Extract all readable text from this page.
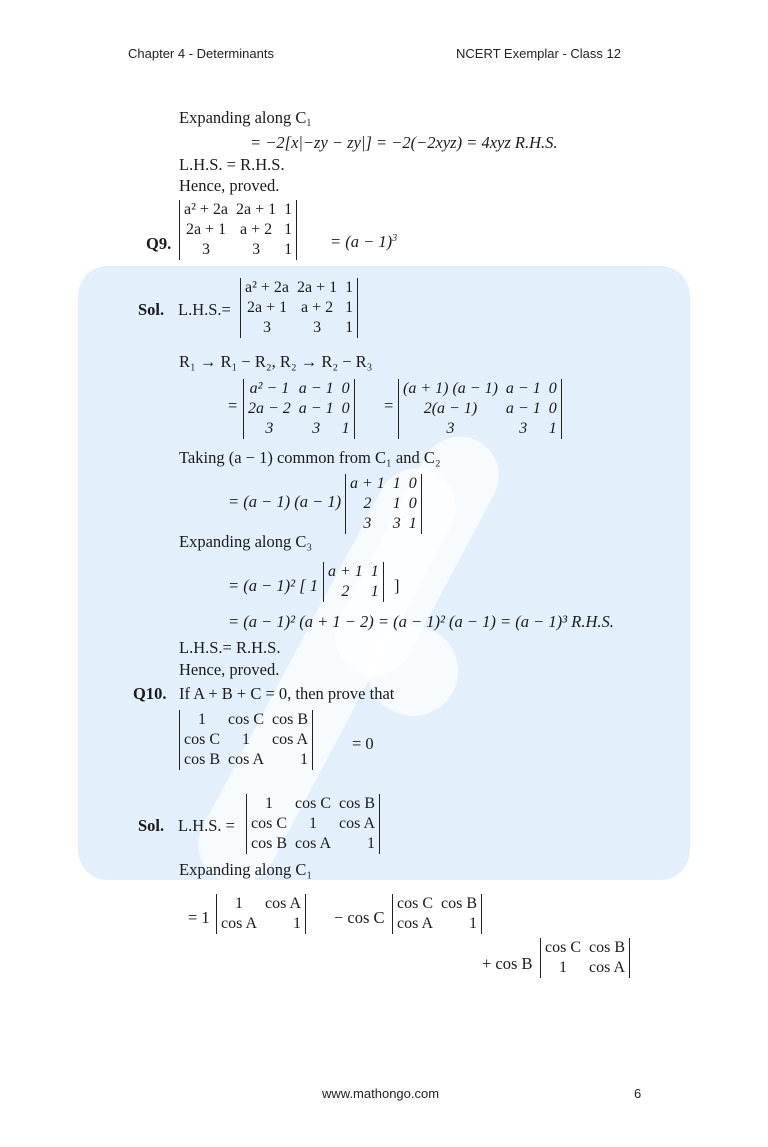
Chapter 4 - Determinants	NCERT Exemplar - Class 12
Expanding along $C_1$
= −2[x|−zy − zy|] = −2(−2xyz) = 4xyz R.H.S.
L.H.S. = R.H.S.
Hence, proved.
Q9.
a² + 2a	2a + 1	1
2a + 1	a + 2	1
3	3	$1 = (a - 1)^3$
Sol. L.H.S.=
a² + 2a	2a + 1	1
2a + 1	a + 2	1
3	3	1
R₁ → R₁ − R₂, R₂ → R₂ − R₃
=
a² − 1	a − 1	0
2a − 2	a − 1	0
3	3	1
=
(a + 1) (a − 1)	a − 1	0
2(a − 1)	a − 1	0
3	3	1
Taking (a − 1) common from C₁ and C₂
= (a − 1) (a − 1)
a + 1	1	0
2	1	0
3	3	1
Expanding along C₃
= (a − 1)² [ 1
a + 1	1
2	1 ]
= (a − 1)² (a + 1 − 2) = (a − 1)² (a − 1) = (a − 1)³ R.H.S.
L.H.S.= R.H.S.
Hence, proved.
Q10. If A + B + C = 0, then prove that
1	cos C	cos B
cos C	1	cos A
cos B	cos A	1
= 0
Sol. L.H.S. =
1	cos C	cos B
cos C	1	cos A
cos B	cos A	1
Expanding along C₁
= 1
1	cos A
cos A	1 − cos C
cos C	cos B
cos A	1
+ cos B
cos C	cos B
1	cos A
www.mathongo.com	6
